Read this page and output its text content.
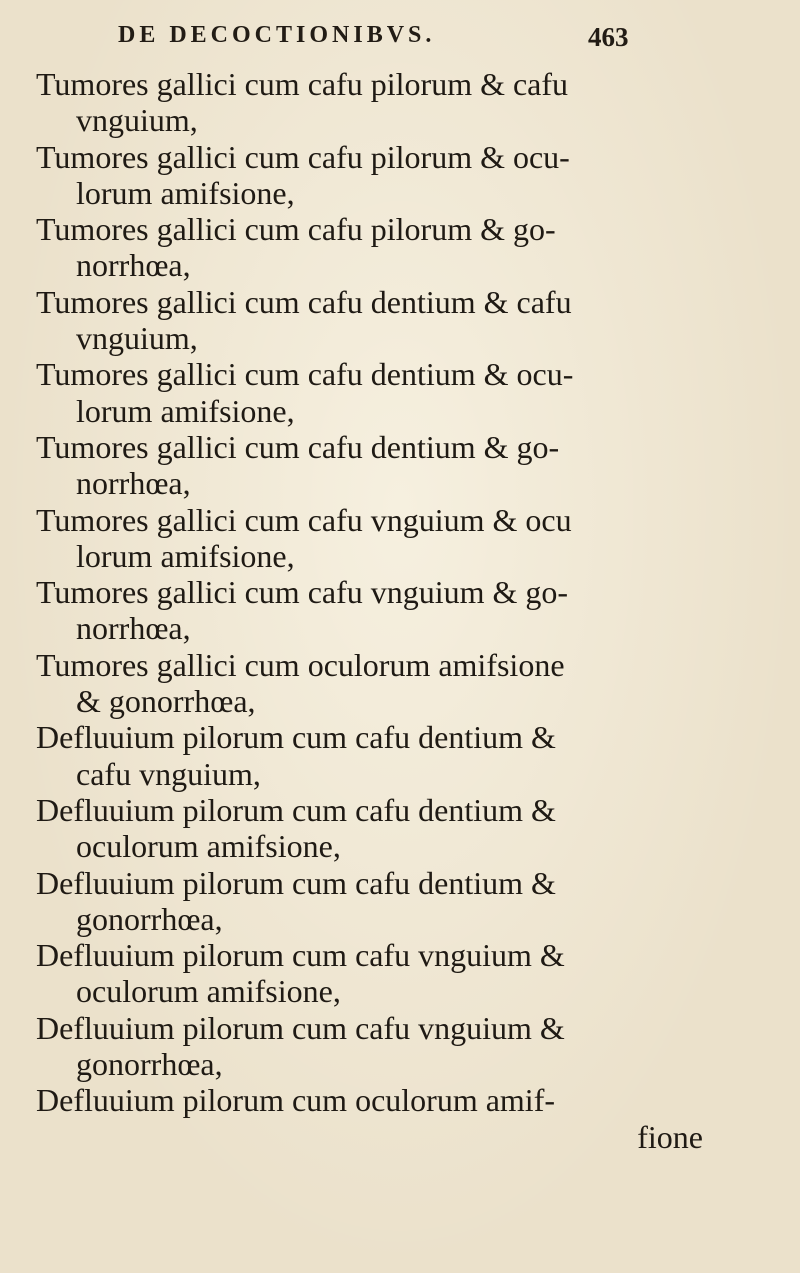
DE DECOCTIONIBVS.	463
Tumores gallici cum cafu pilorum & cafu
vnguium,
Tumores gallici cum cafu pilorum & ocu-
lorum amifsione,
Tumores gallici cum cafu pilorum & go-
norrhœa,
Tumores gallici cum cafu dentium & cafu
vnguium,
Tumores gallici cum cafu dentium & ocu-
lorum amifsione,
Tumores gallici cum cafu dentium & go-
norrhœa,
Tumores gallici cum cafu vnguium & ocu
lorum amifsione,
Tumores gallici cum cafu vnguium & go-
norrhœa,
Tumores gallici cum oculorum amifsione
& gonorrhœa,
Defluuium pilorum cum cafu dentium &
cafu vnguium,
Defluuium pilorum cum cafu dentium &
oculorum amifsione,
Defluuium pilorum cum cafu dentium &
gonorrhœa,
Defluuium pilorum cum cafu vnguium &
oculorum amifsione,
Defluuium pilorum cum cafu vnguium &
gonorrhœa,
Defluuium pilorum cum oculorum amif-
fione
